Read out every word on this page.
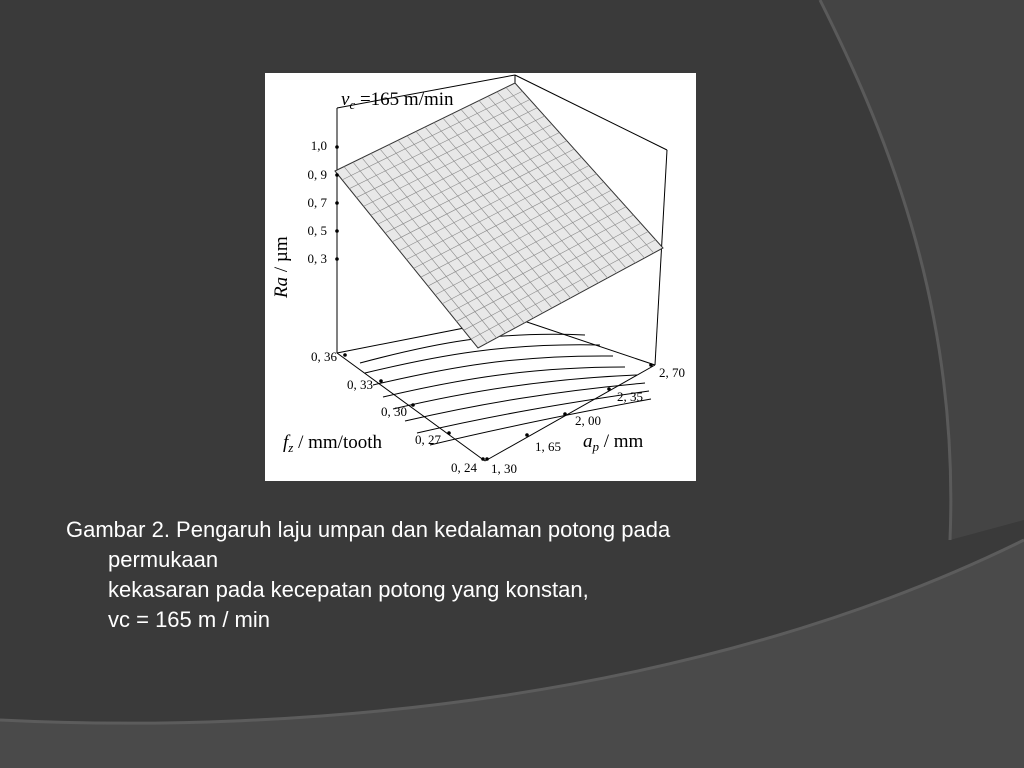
1,0
0, 9
0, 7
0, 5
0, 3
Ra / µm
0, 36
0, 33
0, 30
0, 27
0, 24
$f_z$ / mm/tooth
1, 30
1, 65
2, 00
2, 35
2, 70
$a_p$ / mm
$v_c =165$ m/min
Gambar 2. Pengaruh laju umpan dan kedalaman potong pada
permukaan
kekasaran pada kecepatan potong yang konstan,
vc = 165 m / min
